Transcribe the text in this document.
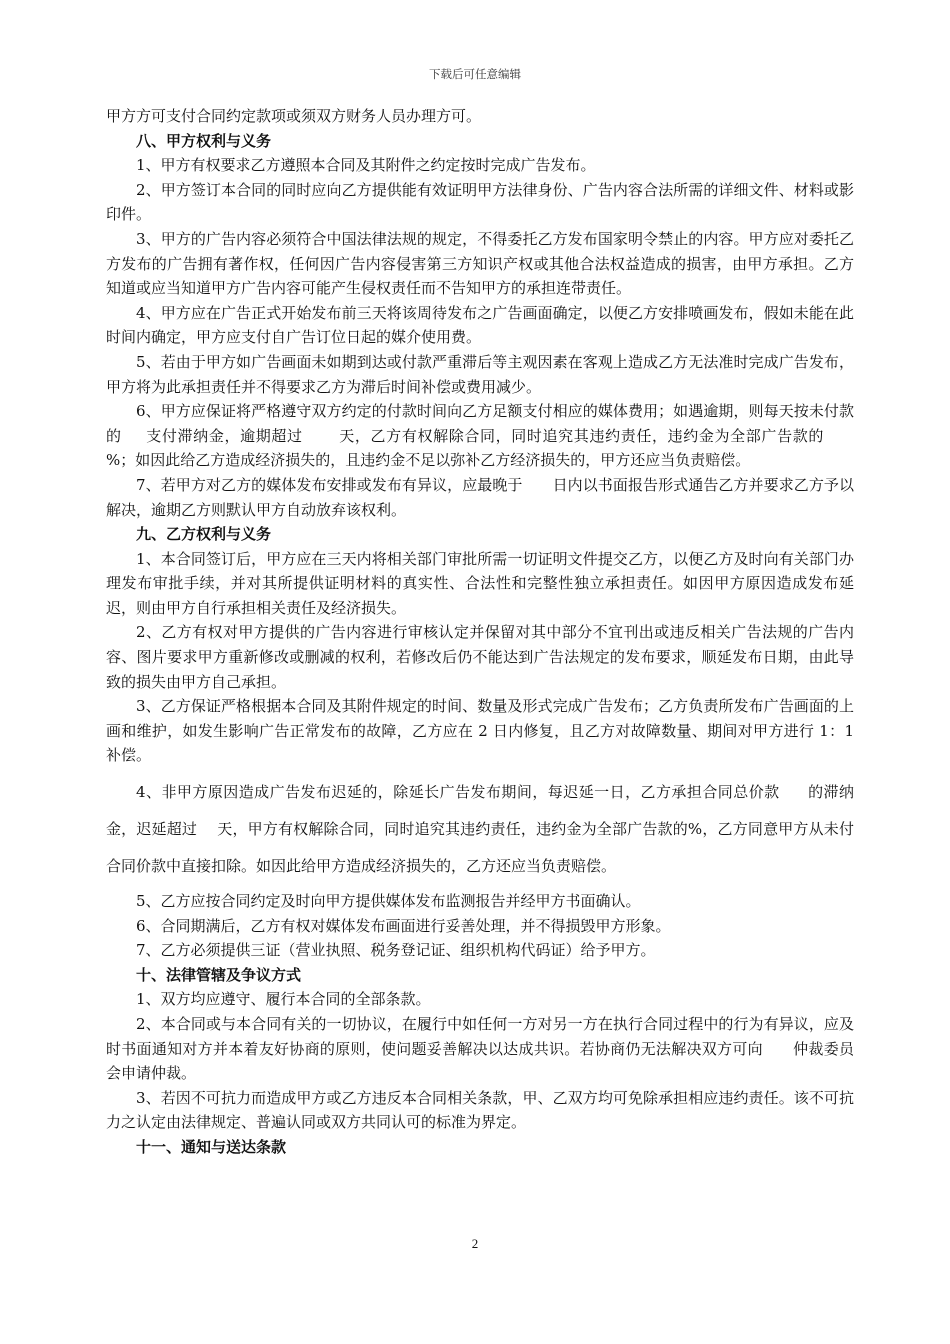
下载后可任意编辑

甲方方可支付合同约定款项或须双方财务人员办理方可。

八、甲方权利与义务

1、甲方有权要求乙方遵照本合同及其附件之约定按时完成广告发布。

2、甲方签订本合同的同时应向乙方提供能有效证明甲方法律身份、广告内容合法所需的详细文件、材料或影印件。

3、甲方的广告内容必须符合中国法律法规的规定，不得委托乙方发布国家明令禁止的内容。甲方应对委托乙方发布的广告拥有著作权，任何因广告内容侵害第三方知识产权或其他合法权益造成的损害，由甲方承担。乙方知道或应当知道甲方广告内容可能产生侵权责任而不告知甲方的承担连带责任。

4、甲方应在广告正式开始发布前三天将该周待发布之广告画面确定，以便乙方安排喷画发布，假如未能在此时间内确定，甲方应支付自广告订位日起的媒介使用费。

5、若由于甲方如广告画面未如期到达或付款严重滞后等主观因素在客观上造成乙方无法准时完成广告发布，甲方将为此承担责任并不得要求乙方为滞后时间补偿或费用减少。

6、甲方应保证将严格遵守双方约定的付款时间向乙方足额支付相应的媒体费用；如遇逾期，则每天按未付款的 支付滞纳金，逾期超过 天，乙方有权解除合同，同时追究其违约责任，违约金为全部广告款的%；如因此给乙方造成经济损失的，且违约金不足以弥补乙方经济损失的，甲方还应当负责赔偿。

7、若甲方对乙方的媒体发布安排或发布有异议，应最晚于 日内以书面报告形式通告乙方并要求乙方予以解决，逾期乙方则默认甲方自动放弃该权利。

九、乙方权利与义务

1、本合同签订后，甲方应在三天内将相关部门审批所需一切证明文件提交乙方，以便乙方及时向有关部门办理发布审批手续，并对其所提供证明材料的真实性、合法性和完整性独立承担责任。如因甲方原因造成发布延迟，则由甲方自行承担相关责任及经济损失。

2、乙方有权对甲方提供的广告内容进行审核认定并保留对其中部分不宜刊出或违反相关广告法规的广告内容、图片要求甲方重新修改或删减的权利，若修改后仍不能达到广告法规定的发布要求，顺延发布日期，由此导致的损失由甲方自己承担。

3、乙方保证严格根据本合同及其附件规定的时间、数量及形式完成广告发布；乙方负责所发布广告画面的上画和维护，如发生影响广告正常发布的故障，乙方应在 2 日内修复，且乙方对故障数量、期间对甲方进行 1：1 补偿。

4、非甲方原因造成广告发布迟延的，除延长广告发布期间，每迟延一日，乙方承担合同总价款 的滞纳金，迟延超过 天，甲方有权解除合同，同时追究其违约责任，违约金为全部广告款的%，乙方同意甲方从未付合同价款中直接扣除。如因此给甲方造成经济损失的，乙方还应当负责赔偿。

5、乙方应按合同约定及时向甲方提供媒体发布监测报告并经甲方书面确认。

6、合同期满后，乙方有权对媒体发布画面进行妥善处理，并不得损毁甲方形象。

7、乙方必须提供三证（营业执照、税务登记证、组织机构代码证）给予甲方。

十、法律管辖及争议方式

1、双方均应遵守、履行本合同的全部条款。

2、本合同或与本合同有关的一切协议，在履行中如任何一方对另一方在执行合同过程中的行为有异议，应及时书面通知对方并本着友好协商的原则，使问题妥善解决以达成共识。若协商仍无法解决双方可向 仲裁委员会申请仲裁。

3、若因不可抗力而造成甲方或乙方违反本合同相关条款，甲、乙双方均可免除承担相应违约责任。该不可抗力之认定由法律规定、普遍认同或双方共同认可的标准为界定。

十一、通知与送达条款

2
